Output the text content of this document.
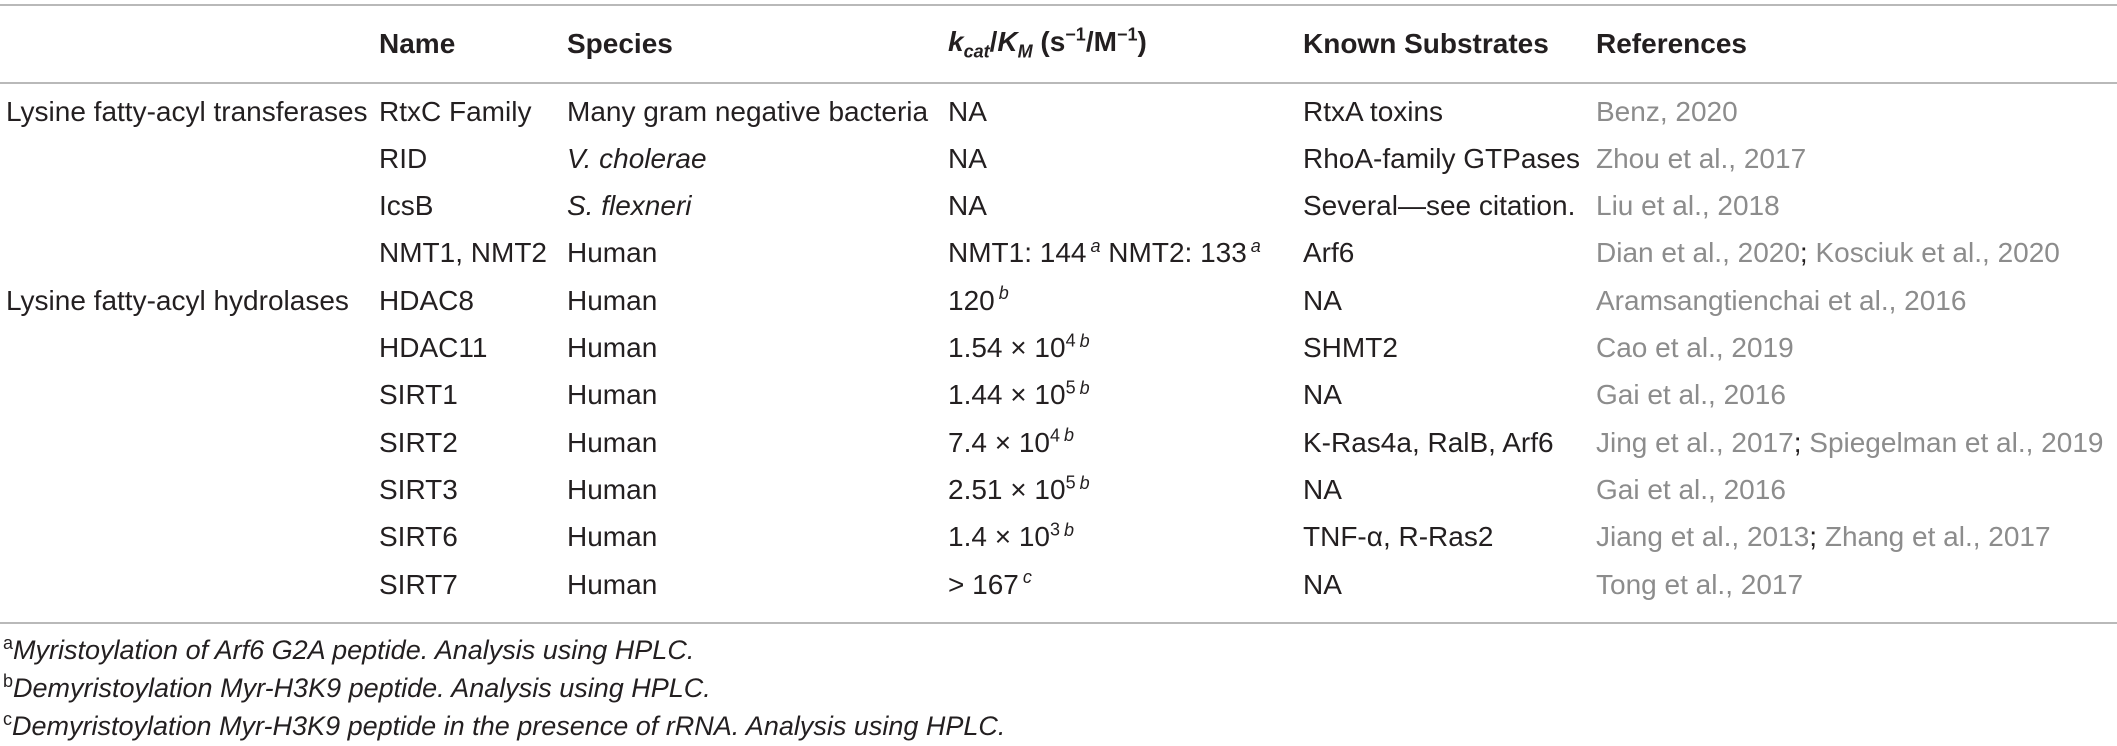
	Name	Species	$k_{cat}/K_M$ $(s^{-1}/M^{-1})$	Known Substrates	References
Lysine fatty-acyl transferases	RtxC Family	Many gram negative bacteria	NA	RtxA toxins	Benz, 2020
	RID	V. cholerae	NA	RhoA-family GTPases	Zhou et al., 2017
	IcsB	S. flexneri	NA	Several—see citation.	Liu et al., 2018
	NMT1, NMT2	Human	NMT1: 144 $^a$ NMT2: 133 $^a$	Arf6	Dian et al., 2020; Kosciuk et al., 2020
Lysine fatty-acyl hydrolases	HDAC8	Human	120 $^b$	NA	Aramsangtienchai et al., 2016
	HDAC11	Human	$1.54 \times 10^4$ $^b$	SHMT2	Cao et al., 2019
	SIRT1	Human	$1.44 \times 10^5$ $^b$	NA	Gai et al., 2016
	SIRT2	Human	$7.4 \times 10^4$ $^b$	K-Ras4a, RalB, Arf6	Jing et al., 2017; Spiegelman et al., 2019
	SIRT3	Human	$2.51 \times 10^5$ $^b$	NA	Gai et al., 2016
	SIRT6	Human	$1.4 \times 10^3$ $^b$	TNF-α, R-Ras2	Jiang et al., 2013; Zhang et al., 2017
	SIRT7	Human	> 167 $^c$	NA	Tong et al., 2017
$^a$Myristoylation of Arf6 G2A peptide. Analysis using HPLC.
$^b$Demyristoylation Myr-H3K9 peptide. Analysis using HPLC.
$^c$Demyristoylation Myr-H3K9 peptide in the presence of rRNA. Analysis using HPLC.
